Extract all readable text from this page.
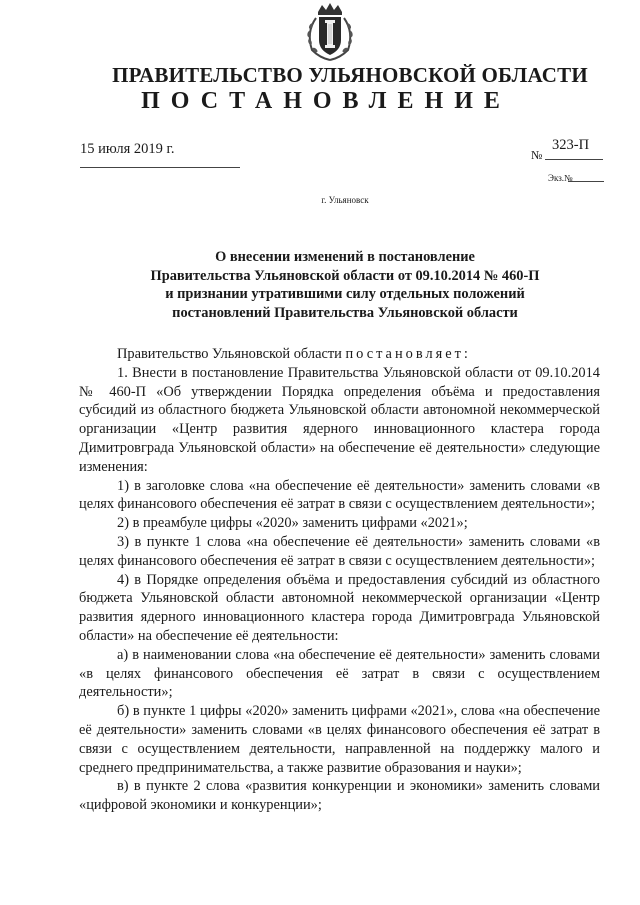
ПРАВИТЕЛЬСТВО УЛЬЯНОВСКОЙ ОБЛАСТИ
ПОСТАНОВЛЕНИЕ
15 июля 2019 г.	№
323-П
Экз.№
г. Ульяновск
О внесении изменений в постановление
Правительства Ульяновской области от 09.10.2014 № 460-П
и признании утратившими силу отдельных положений
постановлений Правительства Ульяновской области

Правительство Ульяновской области постановляет:

1. Внести в постановление Правительства Ульяновской области от 09.10.2014 № 460-П «Об утверждении Порядка определения объёма и предоставления субсидий из областного бюджета Ульяновской области автономной некоммерческой организации «Центр развития ядерного инновационного кластера города Димитровграда Ульяновской области» на обеспечение её деятельности» следующие изменения:

1) в заголовке слова «на обеспечение её деятельности» заменить словами «в целях финансового обеспечения её затрат в связи с осуществлением деятельности»;

2) в преамбуле цифры «2020» заменить цифрами «2021»;

3) в пункте 1 слова «на обеспечение её деятельности» заменить словами «в целях финансового обеспечения её затрат в связи с осуществлением деятельности»;

4) в Порядке определения объёма и предоставления субсидий из областного бюджета Ульяновской области автономной некоммерческой организации «Центр развития ядерного инновационного кластера города Димитровграда Ульяновской области» на обеспечение её деятельности:

а) в наименовании слова «на обеспечение её деятельности» заменить словами «в целях финансового обеспечения её затрат в связи с осуществлением деятельности»;

б) в пункте 1 цифры «2020» заменить цифрами «2021», слова «на обеспечение её деятельности» заменить словами «в целях финансового обеспечения её затрат в связи с осуществлением деятельности, направленной на поддержку малого и среднего предпринимательства, а также развитие образования и науки»;

в) в пункте 2 слова «развития конкуренции и экономики» заменить словами «цифровой экономики и конкуренции»;
